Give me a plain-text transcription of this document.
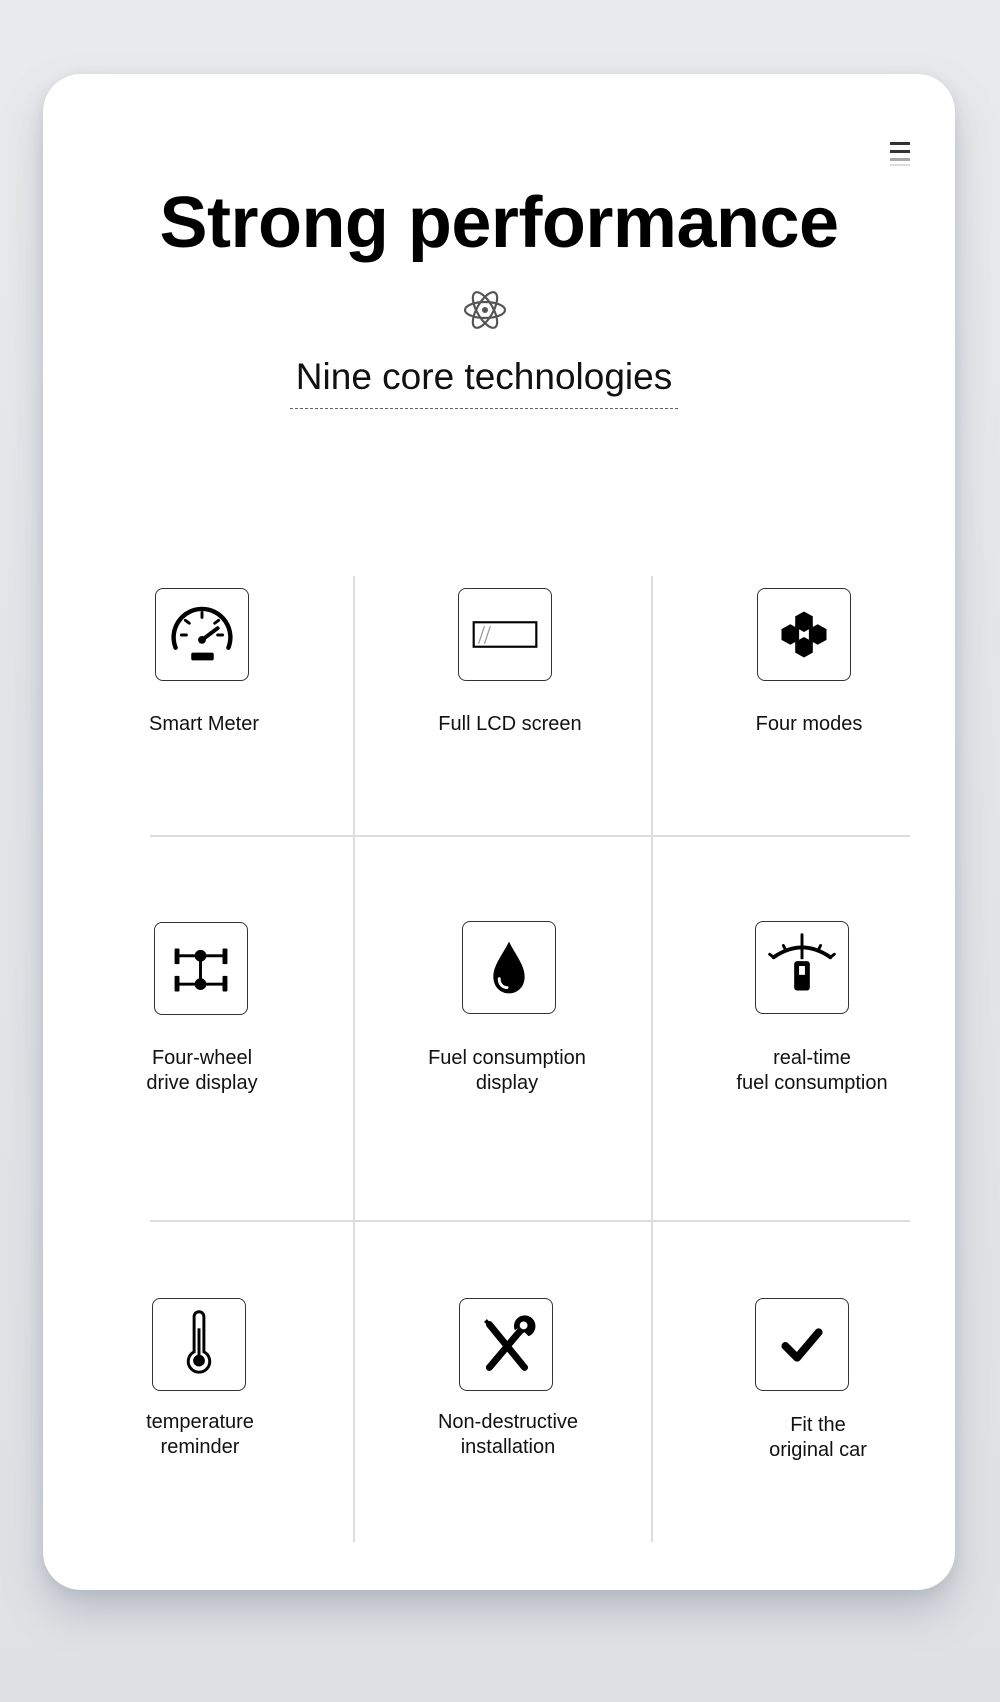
Strong performance
Nine core technologies
Smart Meter	Full LCD screen	Four modes
Four-wheel
drive display
Fuel consumption
display
real-time
fuel consumption
temperature
reminder
Non-destructive
installation
Fit the
original car
